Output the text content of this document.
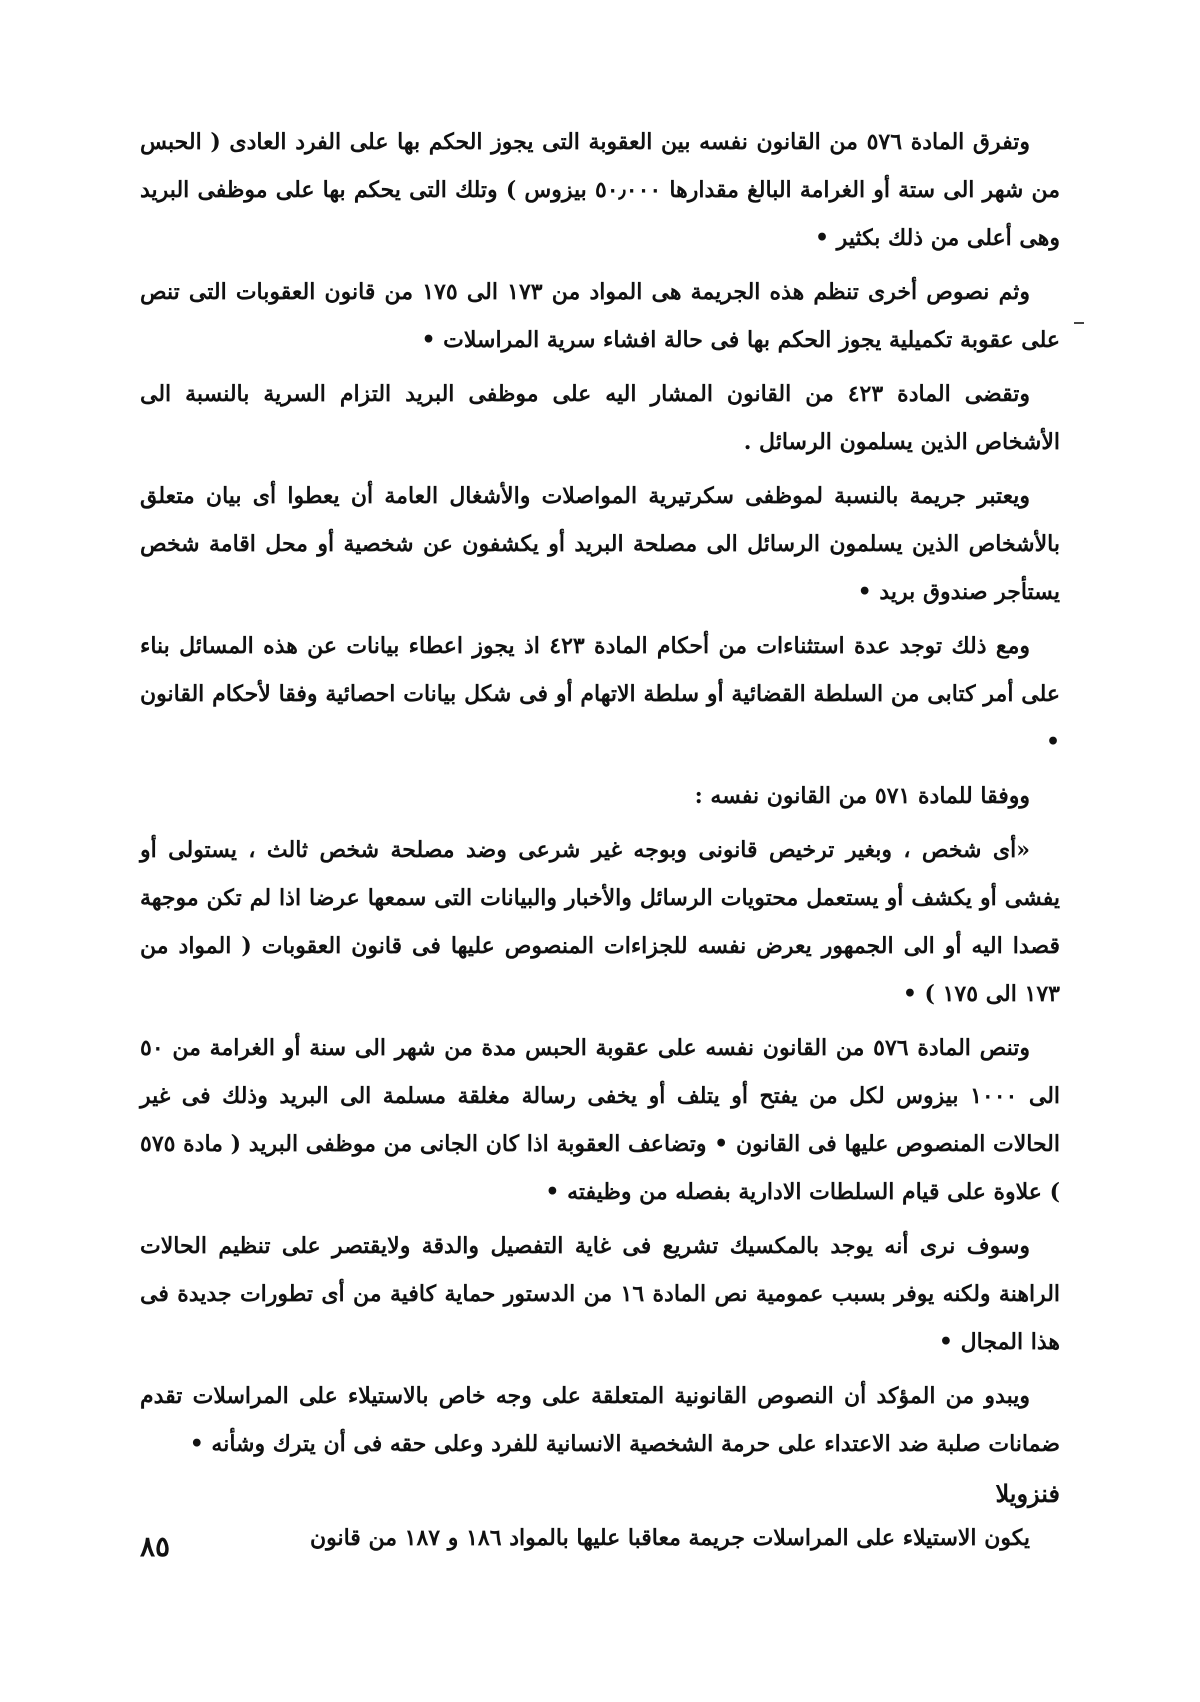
وتفرق المادة ٥٧٦ من القانون نفسه بين العقوبة التى يجوز الحكم بها على الفرد العادى ( الحبس من شهر الى ستة أو الغرامة البالغ مقدارها ٥٠٫٠٠٠ بيزوس ) وتلك التى يحكم بها على موظفى البريد وهى أعلى من ذلك بكثير •

وثم نصوص أخرى تنظم هذه الجريمة هى المواد من ١٧٣ الى ١٧٥ من قانون العقوبات التى تنص على عقوبة تكميلية يجوز الحكم بها فى حالة افشاء سرية المراسلات •

وتقضى المادة ٤٢٣ من القانون المشار اليه على موظفى البريد التزام السرية بالنسبة الى الأشخاص الذين يسلمون الرسائل .

ويعتبر جريمة بالنسبة لموظفى سكرتيرية المواصلات والأشغال العامة أن يعطوا أى بيان متعلق بالأشخاص الذين يسلمون الرسائل الى مصلحة البريد أو يكشفون عن شخصية أو محل اقامة شخص يستأجر صندوق بريد •

ومع ذلك توجد عدة استثناءات من أحكام المادة ٤٢٣ اذ يجوز اعطاء بيانات عن هذه المسائل بناء على أمر كتابى من السلطة القضائية أو سلطة الاتهام أو فى شكل بيانات احصائية وفقا لأحكام القانون •

ووفقا للمادة ٥٧١ من القانون نفسه :

«أى شخص ، وبغير ترخيص قانونى وبوجه غير شرعى وضد مصلحة شخص ثالث ، يستولى أو يفشى أو يكشف أو يستعمل محتويات الرسائل والأخبار والبيانات التى سمعها عرضا اذا لم تكن موجهة قصدا اليه أو الى الجمهور يعرض نفسه للجزاءات المنصوص عليها فى قانون العقوبات ( المواد من ١٧٣ الى ١٧٥ ) •

وتنص المادة ٥٧٦ من القانون نفسه على عقوبة الحبس مدة من شهر الى سنة أو الغرامة من ٥٠ الى ١٠٠٠ بيزوس لكل من يفتح أو يتلف أو يخفى رسالة مغلقة مسلمة الى البريد وذلك فى غير الحالات المنصوص عليها فى القانون • وتضاعف العقوبة اذا كان الجانى من موظفى البريد ( مادة ٥٧٥ ) علاوة على قيام السلطات الادارية بفصله من وظيفته •

وسوف نرى أنه يوجد بالمكسيك تشريع فى غاية التفصيل والدقة ولايقتصر على تنظيم الحالات الراهنة ولكنه يوفر بسبب عمومية نص المادة ١٦ من الدستور حماية كافية من أى تطورات جديدة فى هذا المجال •

ويبدو من المؤكد أن النصوص القانونية المتعلقة على وجه خاص بالاستيلاء على المراسلات تقدم ضمانات صلبة ضد الاعتداء على حرمة الشخصية الانسانية للفرد وعلى حقه فى أن يترك وشأنه •

فنزويلا

يكون الاستيلاء على المراسلات جريمة معاقبا عليها بالمواد ١٨٦ و ١٨٧ من قانون

٨٥
